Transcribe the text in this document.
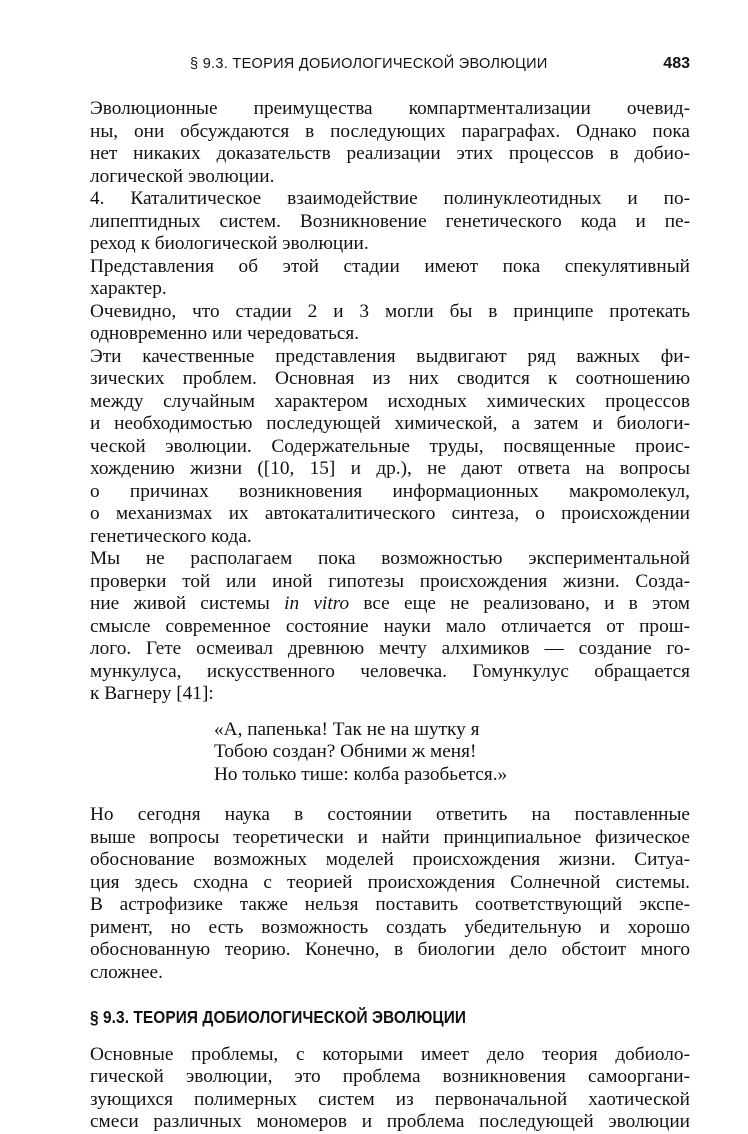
§ 9.3. ТЕОРИЯ ДОБИОЛОГИЧЕСКОЙ ЭВОЛЮЦИИ	483

Эволюционные преимущества компартментализации очевид-
ны, они обсуждаются в последующих параграфах. Однако пока
нет никаких доказательств реализации этих процессов в добио-
логической эволюции.

4. Каталитическое взаимодействие полинуклеотидных и по-
липептидных систем. Возникновение генетического кода и пе-
реход к биологической эволюции.

Представления об этой стадии имеют пока спекулятивный
характер.

Очевидно, что стадии 2 и 3 могли бы в принципе протекать
одновременно или чередоваться.

Эти качественные представления выдвигают ряд важных фи-
зических проблем. Основная из них сводится к соотношению
между случайным характером исходных химических процессов
и необходимостью последующей химической, а затем и биологи-
ческой эволюции. Содержательные труды, посвященные проис-
хождению жизни ([10, 15] и др.), не дают ответа на вопросы
о причинах возникновения информационных макромолекул,
о механизмах их автокаталитического синтеза, о происхождении
генетического кода.

Мы не располагаем пока возможностью экспериментальной
проверки той или иной гипотезы происхождения жизни. Созда-
ние живой системы in vitro все еще не реализовано, и в этом
смысле современное состояние науки мало отличается от прош-
лого. Гете осмеивал древнюю мечту алхимиков — создание го-
мункулуса, искусственного человечка. Гомункулус обращается
к Вагнеру [41]:

«А, папенька! Так не на шутку я
Тобою создан? Обними ж меня!
Но только тише: колба разобьется.»

Но сегодня наука в состоянии ответить на поставленные
выше вопросы теоретически и найти принципиальное физическое
обоснование возможных моделей происхождения жизни. Ситуа-
ция здесь сходна с теорией происхождения Солнечной системы.
В астрофизике также нельзя поставить соответствующий экспе-
римент, но есть возможность создать убедительную и хорошо
обоснованную теорию. Конечно, в биологии дело обстоит много
сложнее.

§ 9.3. ТЕОРИЯ ДОБИОЛОГИЧЕСКОЙ ЭВОЛЮЦИИ

Основные проблемы, с которыми имеет дело теория добиоло-
гической эволюции, это проблема возникновения самооргани-
зующихся полимерных систем из первоначальной хаотической
смеси различных мономеров и проблема последующей эволюции
